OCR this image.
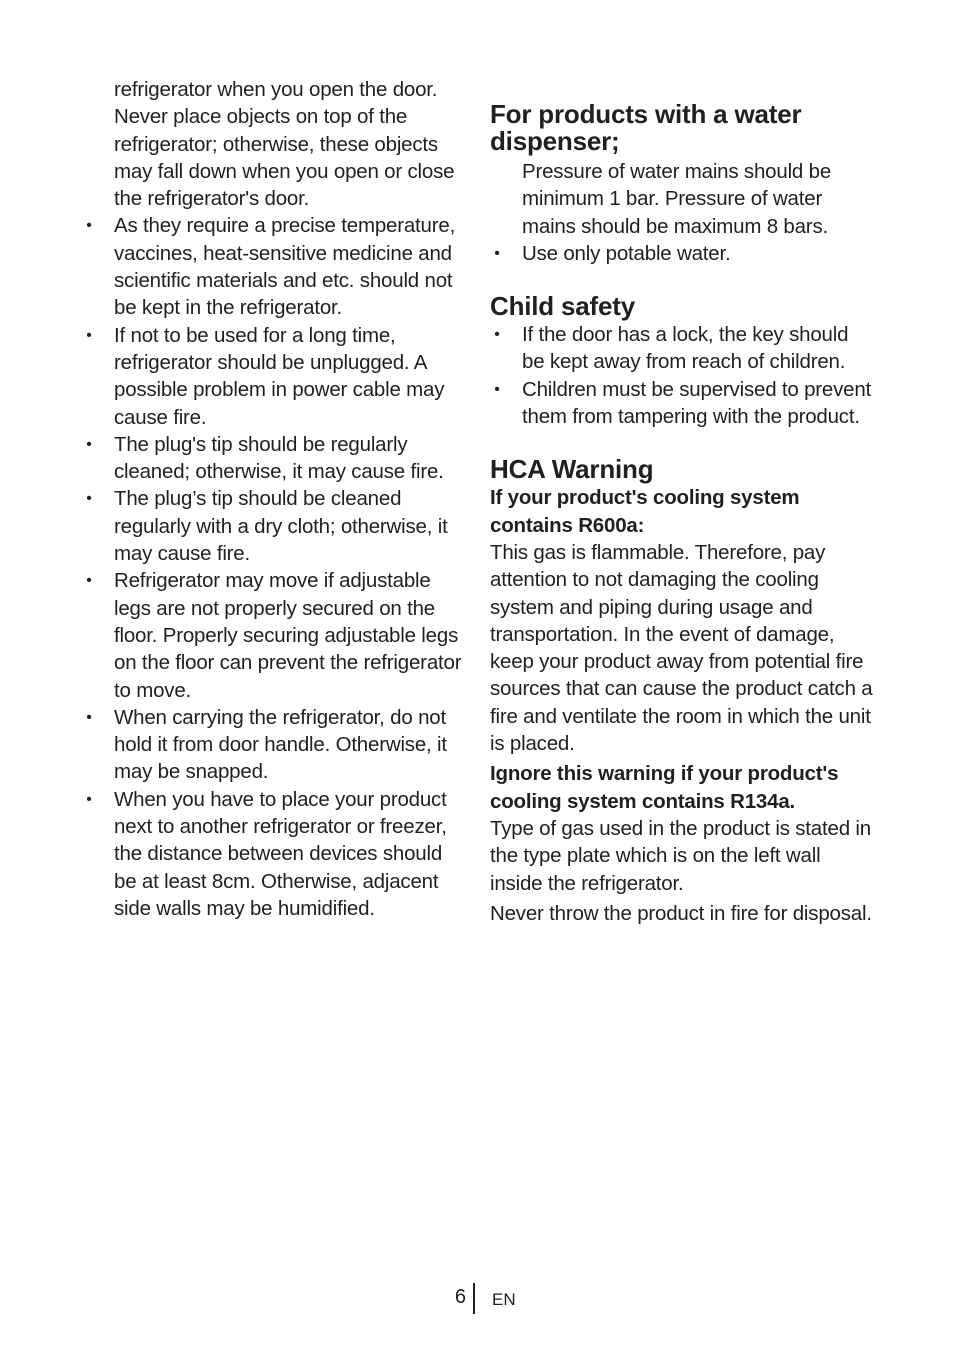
refrigerator when you open the door. Never place objects on top of the refrigerator; otherwise, these objects may fall down when you open or close the refrigerator's door.
• As they require a precise temperature, vaccines, heat-sensitive medicine and scientific materials and etc. should not be kept in the refrigerator.
• If not to be used for a long time, refrigerator should be unplugged. A possible problem in power cable may cause fire.
• The plug's tip should be regularly cleaned; otherwise, it may cause fire.
• The plug’s tip should be cleaned regularly with a dry cloth; otherwise, it may cause fire.
• Refrigerator may move if adjustable legs are not properly secured on the floor. Properly securing adjustable legs on the floor can prevent the refrigerator to move.
• When carrying the refrigerator, do not hold it from door handle. Otherwise, it may be snapped.
• When you have to place your product next to another refrigerator or freezer, the distance between devices should be at least 8cm. Otherwise, adjacent side walls may be humidified.
For products with a water dispenser;
Pressure of water mains should be minimum 1 bar. Pressure of water mains should be maximum 8 bars.
• Use only potable water.
Child safety
• If the door has a lock, the key should be kept away from reach of children.
• Children must be supervised to prevent them from tampering with the product.
HCA Warning
If your product's cooling system contains R600a:

This gas is flammable. Therefore, pay attention to not damaging the cooling system and piping during usage and transportation. In the event of damage, keep your product away from potential fire sources that can cause the product catch a fire and ventilate the room in which the unit is placed.

Ignore this warning if your product's cooling system contains R134a.

Type of gas used in the product is stated in the type plate which is on the left wall inside the refrigerator.

Never throw the product in fire for disposal.

6 EN
